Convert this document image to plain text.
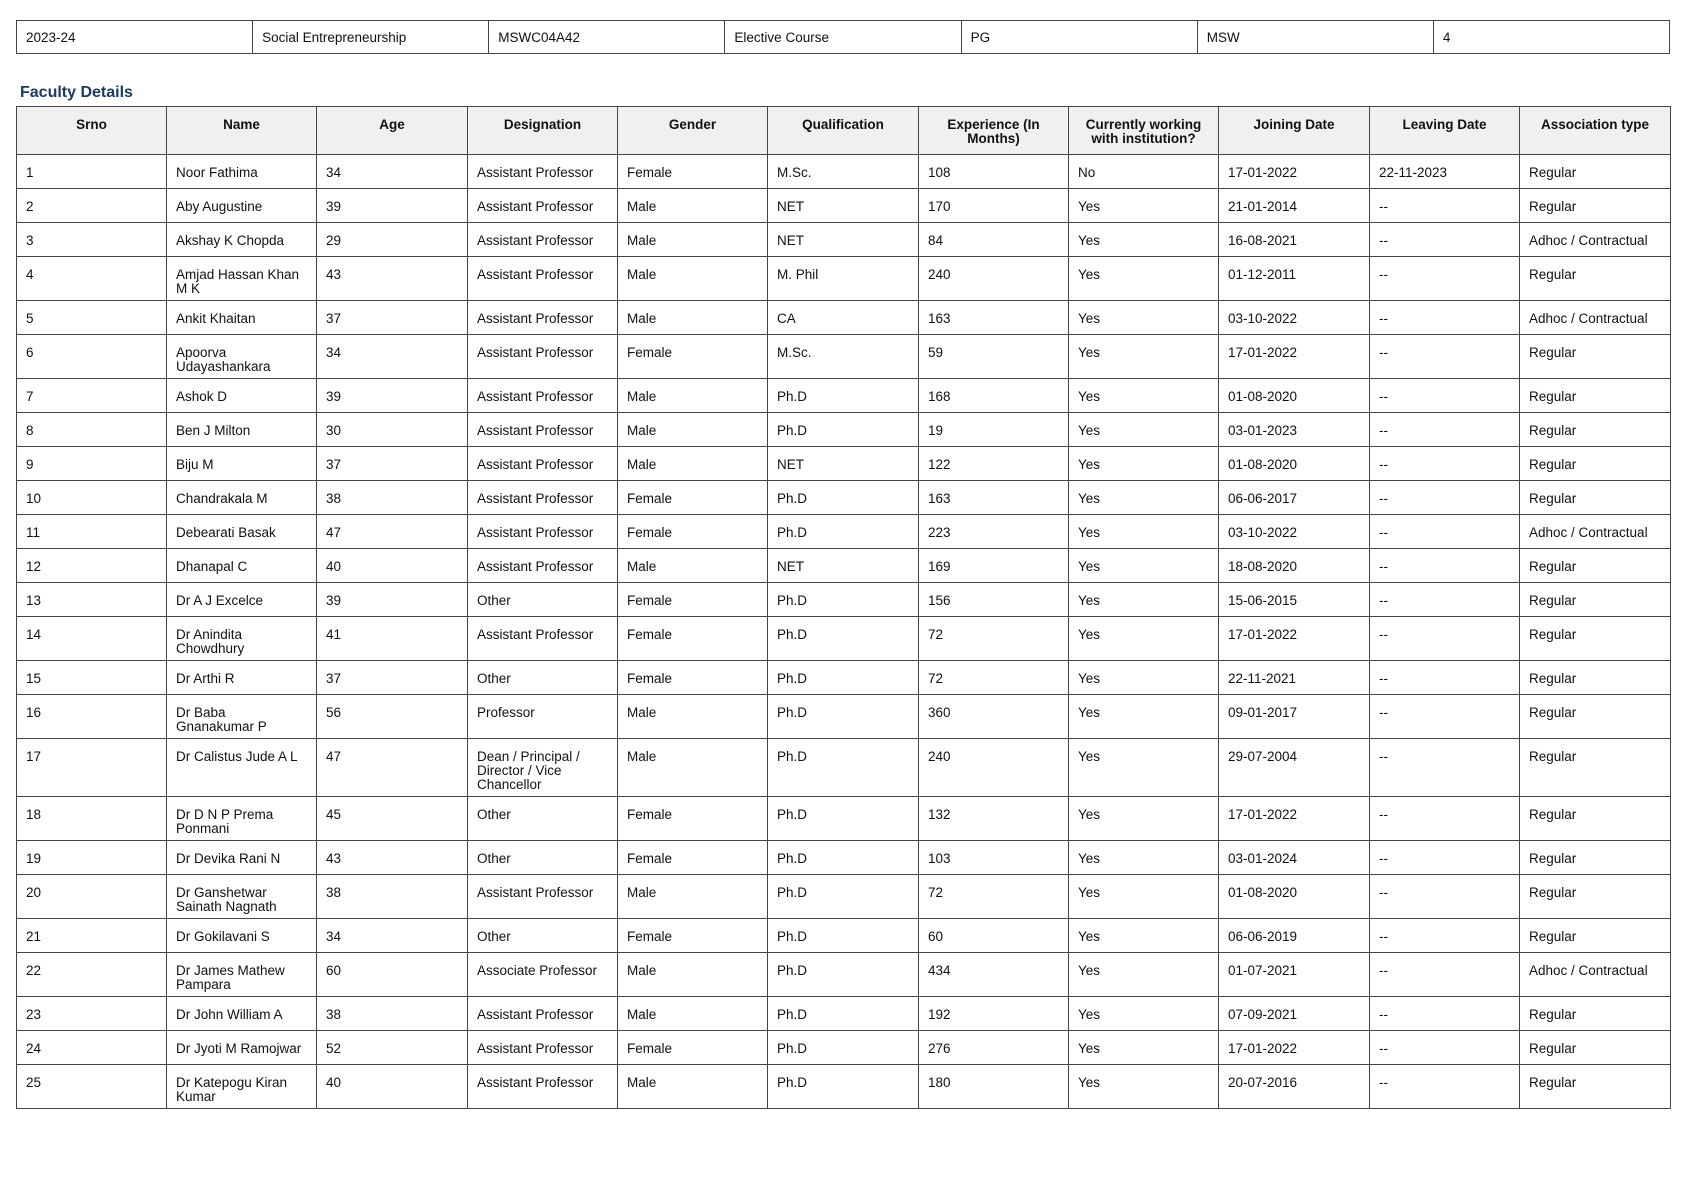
2023-24	Social Entrepreneurship	MSWC04A42	Elective Course	PG	MSW	4
Faculty Details
Srno	Name	Age	Designation	Gender	Qualification	Experience (In Months)	Currently working with institution?	Joining Date	Leaving Date	Association type
1	Noor Fathima	34	Assistant Professor	Female	M.Sc.	108	No	17-01-2022	22-11-2023	Regular
2	Aby Augustine	39	Assistant Professor	Male	NET	170	Yes	21-01-2014	--	Regular
3	Akshay K Chopda	29	Assistant Professor	Male	NET	84	Yes	16-08-2021	--	Adhoc / Contractual
4	Amjad Hassan Khan M K	43	Assistant Professor	Male	M. Phil	240	Yes	01-12-2011	--	Regular
5	Ankit Khaitan	37	Assistant Professor	Male	CA	163	Yes	03-10-2022	--	Adhoc / Contractual
6	Apoorva Udayashankara	34	Assistant Professor	Female	M.Sc.	59	Yes	17-01-2022	--	Regular
7	Ashok D	39	Assistant Professor	Male	Ph.D	168	Yes	01-08-2020	--	Regular
8	Ben J Milton	30	Assistant Professor	Male	Ph.D	19	Yes	03-01-2023	--	Regular
9	Biju M	37	Assistant Professor	Male	NET	122	Yes	01-08-2020	--	Regular
10	Chandrakala M	38	Assistant Professor	Female	Ph.D	163	Yes	06-06-2017	--	Regular
11	Debearati Basak	47	Assistant Professor	Female	Ph.D	223	Yes	03-10-2022	--	Adhoc / Contractual
12	Dhanapal C	40	Assistant Professor	Male	NET	169	Yes	18-08-2020	--	Regular
13	Dr A J Excelce	39	Other	Female	Ph.D	156	Yes	15-06-2015	--	Regular
14	Dr Anindita Chowdhury	41	Assistant Professor	Female	Ph.D	72	Yes	17-01-2022	--	Regular
15	Dr Arthi R	37	Other	Female	Ph.D	72	Yes	22-11-2021	--	Regular
16	Dr Baba Gnanakumar P	56	Professor	Male	Ph.D	360	Yes	09-01-2017	--	Regular
17	Dr Calistus Jude A L	47	Dean / Principal / Director / Vice Chancellor	Male	Ph.D	240	Yes	29-07-2004	--	Regular
18	Dr D N P Prema Ponmani	45	Other	Female	Ph.D	132	Yes	17-01-2022	--	Regular
19	Dr Devika Rani N	43	Other	Female	Ph.D	103	Yes	03-01-2024	--	Regular
20	Dr Ganshetwar Sainath Nagnath	38	Assistant Professor	Male	Ph.D	72	Yes	01-08-2020	--	Regular
21	Dr Gokilavani S	34	Other	Female	Ph.D	60	Yes	06-06-2019	--	Regular
22	Dr James Mathew Pampara	60	Associate Professor	Male	Ph.D	434	Yes	01-07-2021	--	Adhoc / Contractual
23	Dr John William A	38	Assistant Professor	Male	Ph.D	192	Yes	07-09-2021	--	Regular
24	Dr Jyoti M Ramojwar	52	Assistant Professor	Female	Ph.D	276	Yes	17-01-2022	--	Regular
25	Dr Katepogu Kiran Kumar	40	Assistant Professor	Male	Ph.D	180	Yes	20-07-2016	--	Regular
